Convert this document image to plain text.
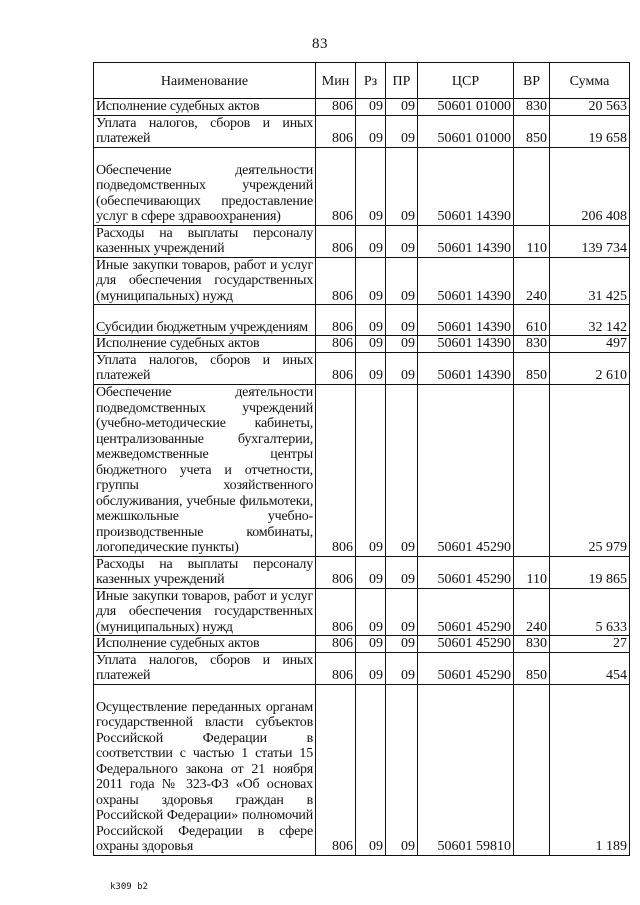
83
Наименование	Мин	Рз	ПР	ЦСР	ВР	Сумма
Исполнение судебных актов	806	09	09	50601 01000	830	20 563
Уплата налогов, сборов и иных платежей	806	09	09	50601 01000	850	19 658
Обеспечение деятельности подведомственных учреждений (обеспечивающих предоставление услуг в сфере здравоохранения)	806	09	09	50601 14390		206 408
Расходы на выплаты персоналу казенных учреждений	806	09	09	50601 14390	110	139 734
Иные закупки товаров, работ и услуг для обеспечения государственных (муниципальных) нужд	806	09	09	50601 14390	240	31 425
Субсидии бюджетным учреждениям	806	09	09	50601 14390	610	32 142
Исполнение судебных актов	806	09	09	50601 14390	830	497
Уплата налогов, сборов и иных платежей	806	09	09	50601 14390	850	2 610
Обеспечение деятельности подведомственных учреждений (учебно-методические кабинеты, централизованные бухгалтерии, межведомственные центры бюджетного учета и отчетности, группы хозяйственного обслуживания, учебные фильмотеки, межшкольные учебно-производственные комбинаты, логопедические пункты)	806	09	09	50601 45290		25 979
Расходы на выплаты персоналу казенных учреждений	806	09	09	50601 45290	110	19 865
Иные закупки товаров, работ и услуг для обеспечения государственных (муниципальных) нужд	806	09	09	50601 45290	240	5 633
Исполнение судебных актов	806	09	09	50601 45290	830	27
Уплата налогов, сборов и иных платежей	806	09	09	50601 45290	850	454
Осуществление переданных органам государственной власти субъектов Российской Федерации в соответствии с частью 1 статьи 15 Федерального закона от 21 ноября 2011 года № 323-ФЗ «Об основах охраны здоровья граждан в Российской Федерации» полномочий Российской Федерации в сфере охраны здоровья	806	09	09	50601 59810		1 189
k309 b2
